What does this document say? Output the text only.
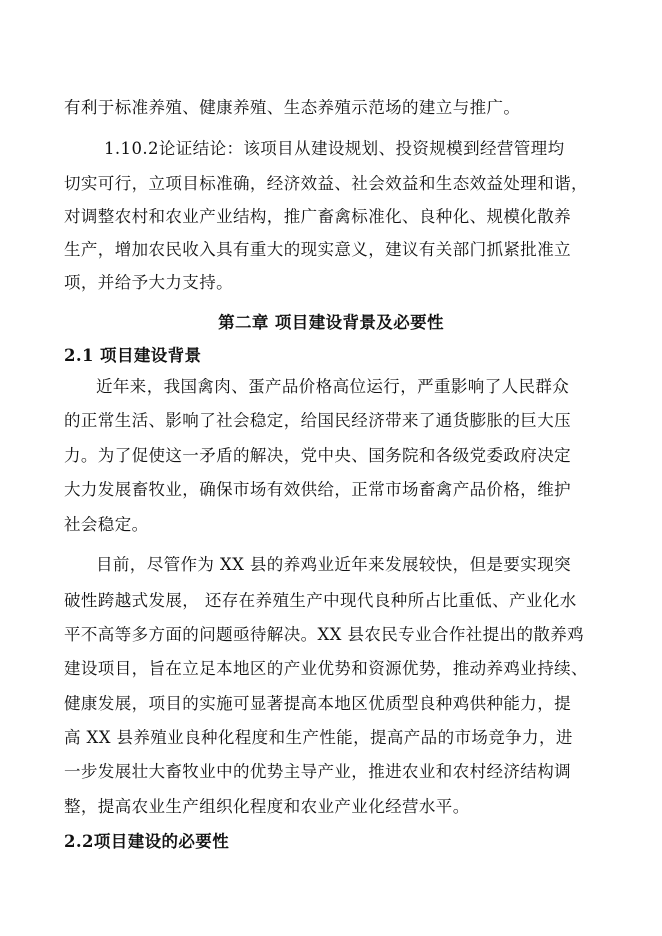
有利于标准养殖、健康养殖、生态养殖示范场的建立与推广。
1.10.2论证结论：该项目从建设规划、投资规模到经营管理均
切实可行，立项目标准确，经济效益、社会效益和生态效益处理和谐，
对调整农村和农业产业结构，推广畜禽标准化、良种化、规模化散养
生产，增加农民收入具有重大的现实意义，建议有关部门抓紧批准立
项，并给予大力支持。
第二章 项目建设背景及必要性
2.1 项目建设背景
近年来，我国禽肉、蛋产品价格高位运行，严重影响了人民群众
的正常生活、影响了社会稳定，给国民经济带来了通货膨胀的巨大压
力。为了促使这一矛盾的解决，党中央、国务院和各级党委政府决定
大力发展畜牧业，确保市场有效供给，正常市场畜禽产品价格，维护
社会稳定。
目前，尽管作为 XX 县的养鸡业近年来发展较快，但是要实现突
破性跨越式发展， 还存在养殖生产中现代良种所占比重低、产业化水
平不高等多方面的问题亟待解决。XX 县农民专业合作社提出的散养鸡
建设项目，旨在立足本地区的产业优势和资源优势，推动养鸡业持续、
健康发展，项目的实施可显著提高本地区优质型良种鸡供种能力，提
高 XX 县养殖业良种化程度和生产性能，提高产品的市场竞争力，进
一步发展壮大畜牧业中的优势主导产业，推进农业和农村经济结构调
整，提高农业生产组织化程度和农业产业化经营水平。
2.2项目建设的必要性
